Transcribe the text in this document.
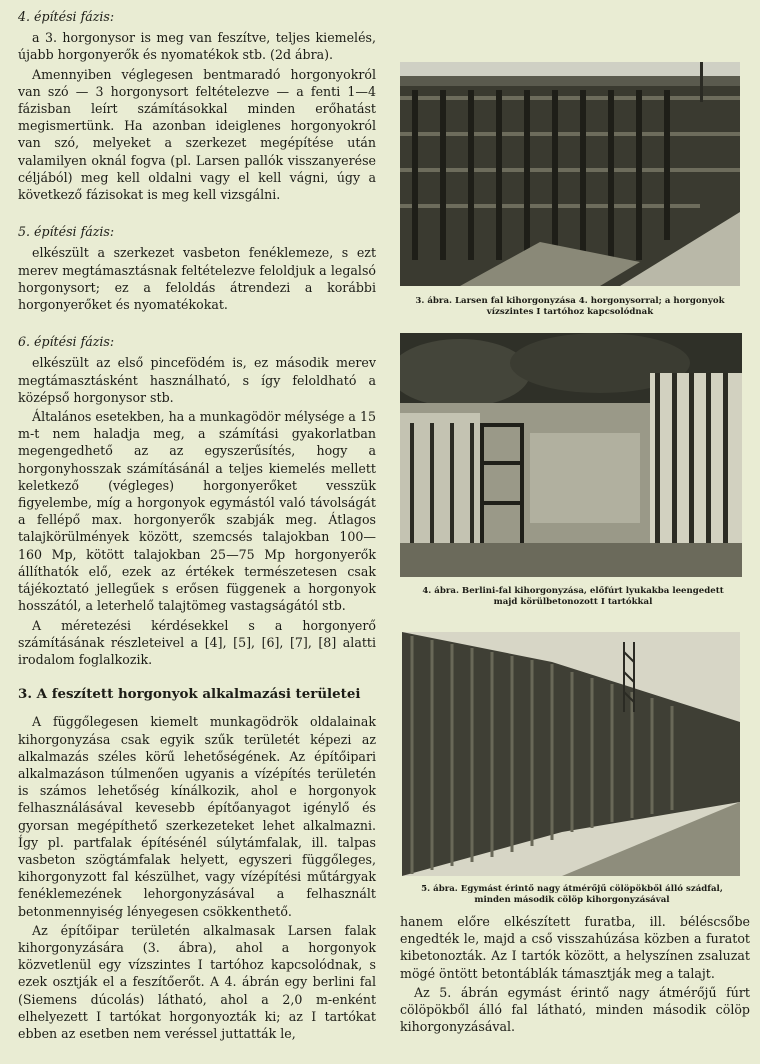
4. építési fázis:
a 3. horgonysor is meg van feszítve, teljes kiemelés, újabb horgonyerők és nyomatékok stb. (2d ábra).
Amennyiben véglegesen bentmaradó horgonyokról van szó — 3 horgonysort feltételezve — a fenti 1—4 fázisban leírt számításokkal minden erőhatást megismertünk. Ha azonban ideiglenes horgonyokról van szó, melyeket a szerkezet megépítése után valamilyen oknál fogva (pl. Larsen pallók visszanyerése céljából) meg kell oldalni vagy el kell vágni, úgy a következő fázisokat is meg kell vizsgálni.
5. építési fázis:
elkészült a szerkezet vasbeton fenéklemeze, s ezt merev megtámasztásnak feltételezve feloldjuk a legalsó horgonysort; ez a feloldás átrendezi a korábbi horgonyerőket és nyomatékokat.
6. építési fázis:
elkészült az első pincefödém is, ez második merev megtámasztásként használható, s így feloldható a középső horgonysor stb.
Általános esetekben, ha a munkagödör mélysége a 15 m-t nem haladja meg, a számítási gyakorlatban megengedhető az az egyszerűsítés, hogy a horgonyhosszak számításánál a teljes kiemelés mellett keletkező (végleges) horgonyerőket vesszük figyelembe, míg a horgonyok egymástól való távolságát a fellépő max. horgonyerők szabják meg. Átlagos talajkörülmények között, szemcsés talajokban 100—160 Mp, kötött talajokban 25—75 Mp horgonyerők állíthatók elő, ezek az értékek természetesen csak tájékoztató jellegűek s erősen függenek a horgonyok hosszától, a leterhelő talajtömeg vastagságától stb.
A méretezési kérdésekkel s a horgonyerő számításának részleteivel a [4], [5], [6], [7], [8] alatti irodalom foglalkozik.
3. A feszített horgonyok alkalmazási területei
A függőlegesen kiemelt munkagödrök oldalainak kihorgonyzása csak egyik szűk területét képezi az alkalmazás széles körű lehetőségének. Az építőipari alkalmazáson túlmenően ugyanis a vízépítés területén is számos lehetőség kínálkozik, ahol e horgonyok felhasználásával kevesebb építőanyagot igénylő és gyorsan megépíthető szerkezeteket lehet alkalmazni. Így pl. partfalak építésénél súlytámfalak, ill. talpas vasbeton szögtámfalak helyett, egyszeri függőleges, kihorgonyzott fal készülhet, vagy vízépítési műtárgyak fenéklemezének lehorgonyzásával a felhasznált betonmennyiség lényegesen csökkenthető.
Az építőipar területén alkalmasak Larsen falak kihorgonyzására (3. ábra), ahol a horgonyok közvetlenül egy vízszintes I tartóhoz kapcsolódnak, s ezek osztják el a feszítőerőt. A 4. ábrán egy berlini fal (Siemens dúcolás) látható, ahol a 2,0 m-enként elhelyezett I tartókat horgonyozták ki; az I tartókat ebben az esetben nem veréssel juttatták le,
3. ábra. Larsen fal kihorgonyzása 4. horgonysorral; a horgonyok vízszintes I tartóhoz kapcsolódnak
4. ábra. Berlini-fal kihorgonyzása, előfúrt lyukakba leengedett majd körülbetonozott I tartókkal
5. ábra. Egymást érintő nagy átmérőjű cölöpökből álló szádfal, minden második cölöp kihorgonyzásával
hanem előre elkészített furatba, ill. béléscsőbe engedték le, majd a cső visszahúzása közben a furatot kibetonozták. Az I tartók között, a helyszínen zsaluzat mögé öntött betontáblák támasztják meg a talajt.
Az 5. ábrán egymást érintő nagy átmérőjű fúrt cölöpökből álló fal látható, minden második cölöp kihorgonyzásával.
